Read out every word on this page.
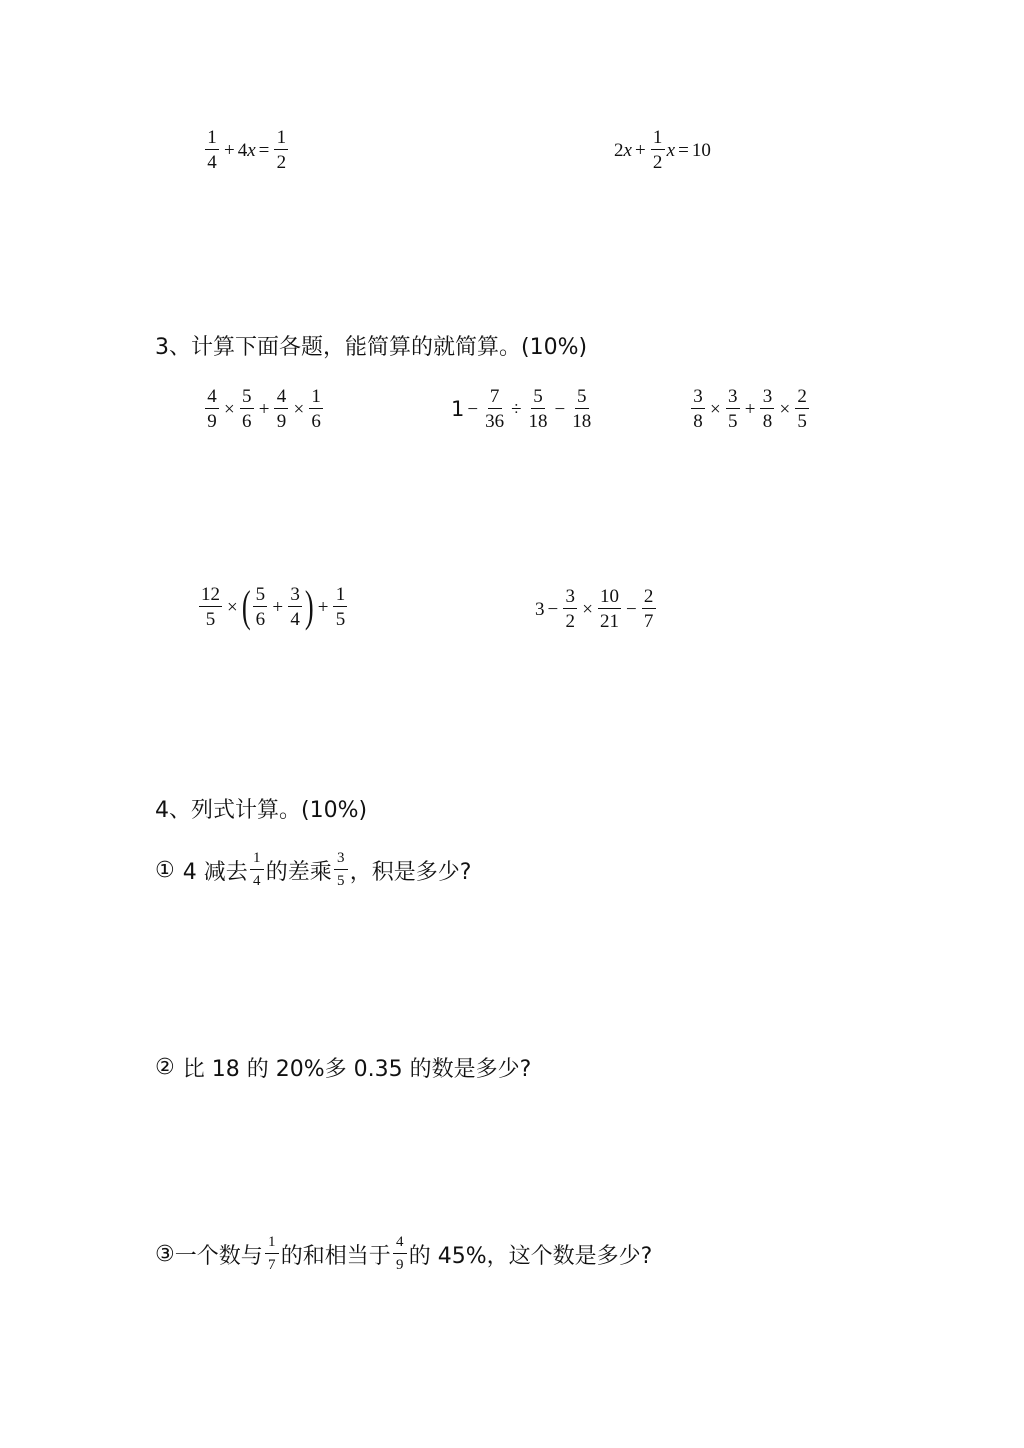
$\frac{1}{4} + 4$ $x = \frac{1}{2}$	2 $x + \frac{1}{2}$ x = 10
3、计算下面各题，能简算的就简算。(10%)
$\frac{4}{9} \times \frac{5}{6} + \frac{4}{9} \times \frac{1}{6}$	$1 - \frac{7}{36} \div \frac{5}{18} - \frac{5}{18}$	$\frac{3}{8} \times \frac{3}{5} + \frac{3}{8} \times \frac{2}{5}$
$\frac{12}{5}$ × ( $\frac{5}{6} + \frac{3}{4}$ ) + $\frac{1}{5}$	$3 - \frac{3}{2} \times \frac{10}{21} - \frac{2}{7}$
4、列式计算。(10%)
① 4 减去 $\frac{1}{4}$ 的差乘 $\frac{3}{5}$ ，积是多少?
② 比 18 的 20%多 0.35 的数是多少?
③ 一个数与 $\frac{1}{7}$ 的和相当于 $\frac{4}{9}$ 的 45%，这个数是多少?
